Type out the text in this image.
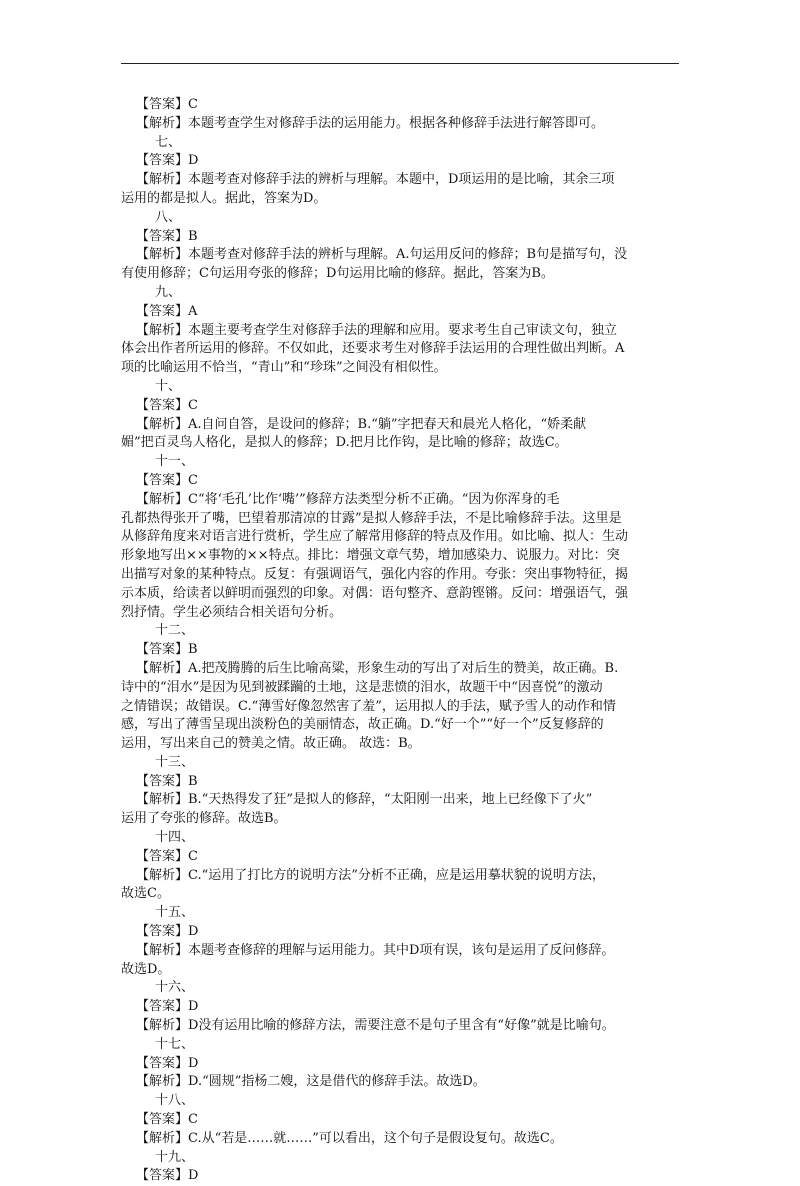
【答案】C
【解析】本题考查学生对修辞手法的运用能力。根据各种修辞手法进行解答即可。
七、
【答案】D
【解析】本题考查对修辞手法的辨析与理解。本题中，D项运用的是比喻，其余三项
运用的都是拟人。据此，答案为D。
八、
【答案】B
【解析】本题考查对修辞手法的辨析与理解。A.句运用反问的修辞；B句是描写句，没
有使用修辞；C句运用夸张的修辞；D句运用比喻的修辞。据此，答案为B。
九、
【答案】A
【解析】本题主要考查学生对修辞手法的理解和应用。要求考生自己审读文句，独立
体会出作者所运用的修辞。不仅如此，还要求考生对修辞手法运用的合理性做出判断。A
项的比喻运用不恰当，“青山”和“珍珠”之间没有相似性。
十、
【答案】C
【解析】A.自问自答，是设问的修辞；B.“躺”字把春天和晨光人格化，“娇柔献
媚”把百灵鸟人格化，是拟人的修辞；D.把月比作钩，是比喻的修辞；故选C。
十一、
【答案】C
【解析】C“将‘毛孔’比作‘嘴’”修辞方法类型分析不正确。“因为你浑身的毛
孔都热得张开了嘴，巴望着那清凉的甘露”是拟人修辞手法，不是比喻修辞手法。这里是
从修辞角度来对语言进行赏析，学生应了解常用修辞的特点及作用。如比喻、拟人：生动
形象地写出××事物的××特点。排比：增强文章气势，增加感染力、说服力。对比：突
出描写对象的某种特点。反复：有强调语气，强化内容的作用。夸张：突出事物特征，揭
示本质，给读者以鲜明而强烈的印象。对偶：语句整齐、意韵铿锵。反问：增强语气，强
烈抒情。学生必须结合相关语句分析。
十二、
【答案】B
【解析】A.把茂腾腾的后生比喻高粱，形象生动的写出了对后生的赞美，故正确。B.
诗中的“泪水”是因为见到被蹂躏的土地，这是悲愤的泪水，故题干中“因喜悦”的激动
之情错误；故错误。C.“薄雪好像忽然害了羞”，运用拟人的手法，赋予雪人的动作和情
感，写出了薄雪呈现出淡粉色的美丽情态，故正确。D.“好一个”“好一个”反复修辞的
运用，写出来自己的赞美之情。故正确。 故选：B。
十三、
【答案】B
【解析】B.“天热得发了狂”是拟人的修辞，“太阳刚一出来，地上已经像下了火”
运用了夸张的修辞。故选B。
十四、
【答案】C
【解析】C.“运用了打比方的说明方法”分析不正确，应是运用摹状貌的说明方法，
故选C。
十五、
【答案】D
【解析】本题考查修辞的理解与运用能力。其中D项有误，该句是运用了反问修辞。
故选D。
十六、
【答案】D
【解析】D没有运用比喻的修辞方法，需要注意不是句子里含有“好像”就是比喻句。
十七、
【答案】D
【解析】D.“圆规”指杨二嫂，这是借代的修辞手法。故选D。
十八、
【答案】C
【解析】C.从“若是……就……”可以看出，这个句子是假设复句。故选C。
十九、
【答案】D
